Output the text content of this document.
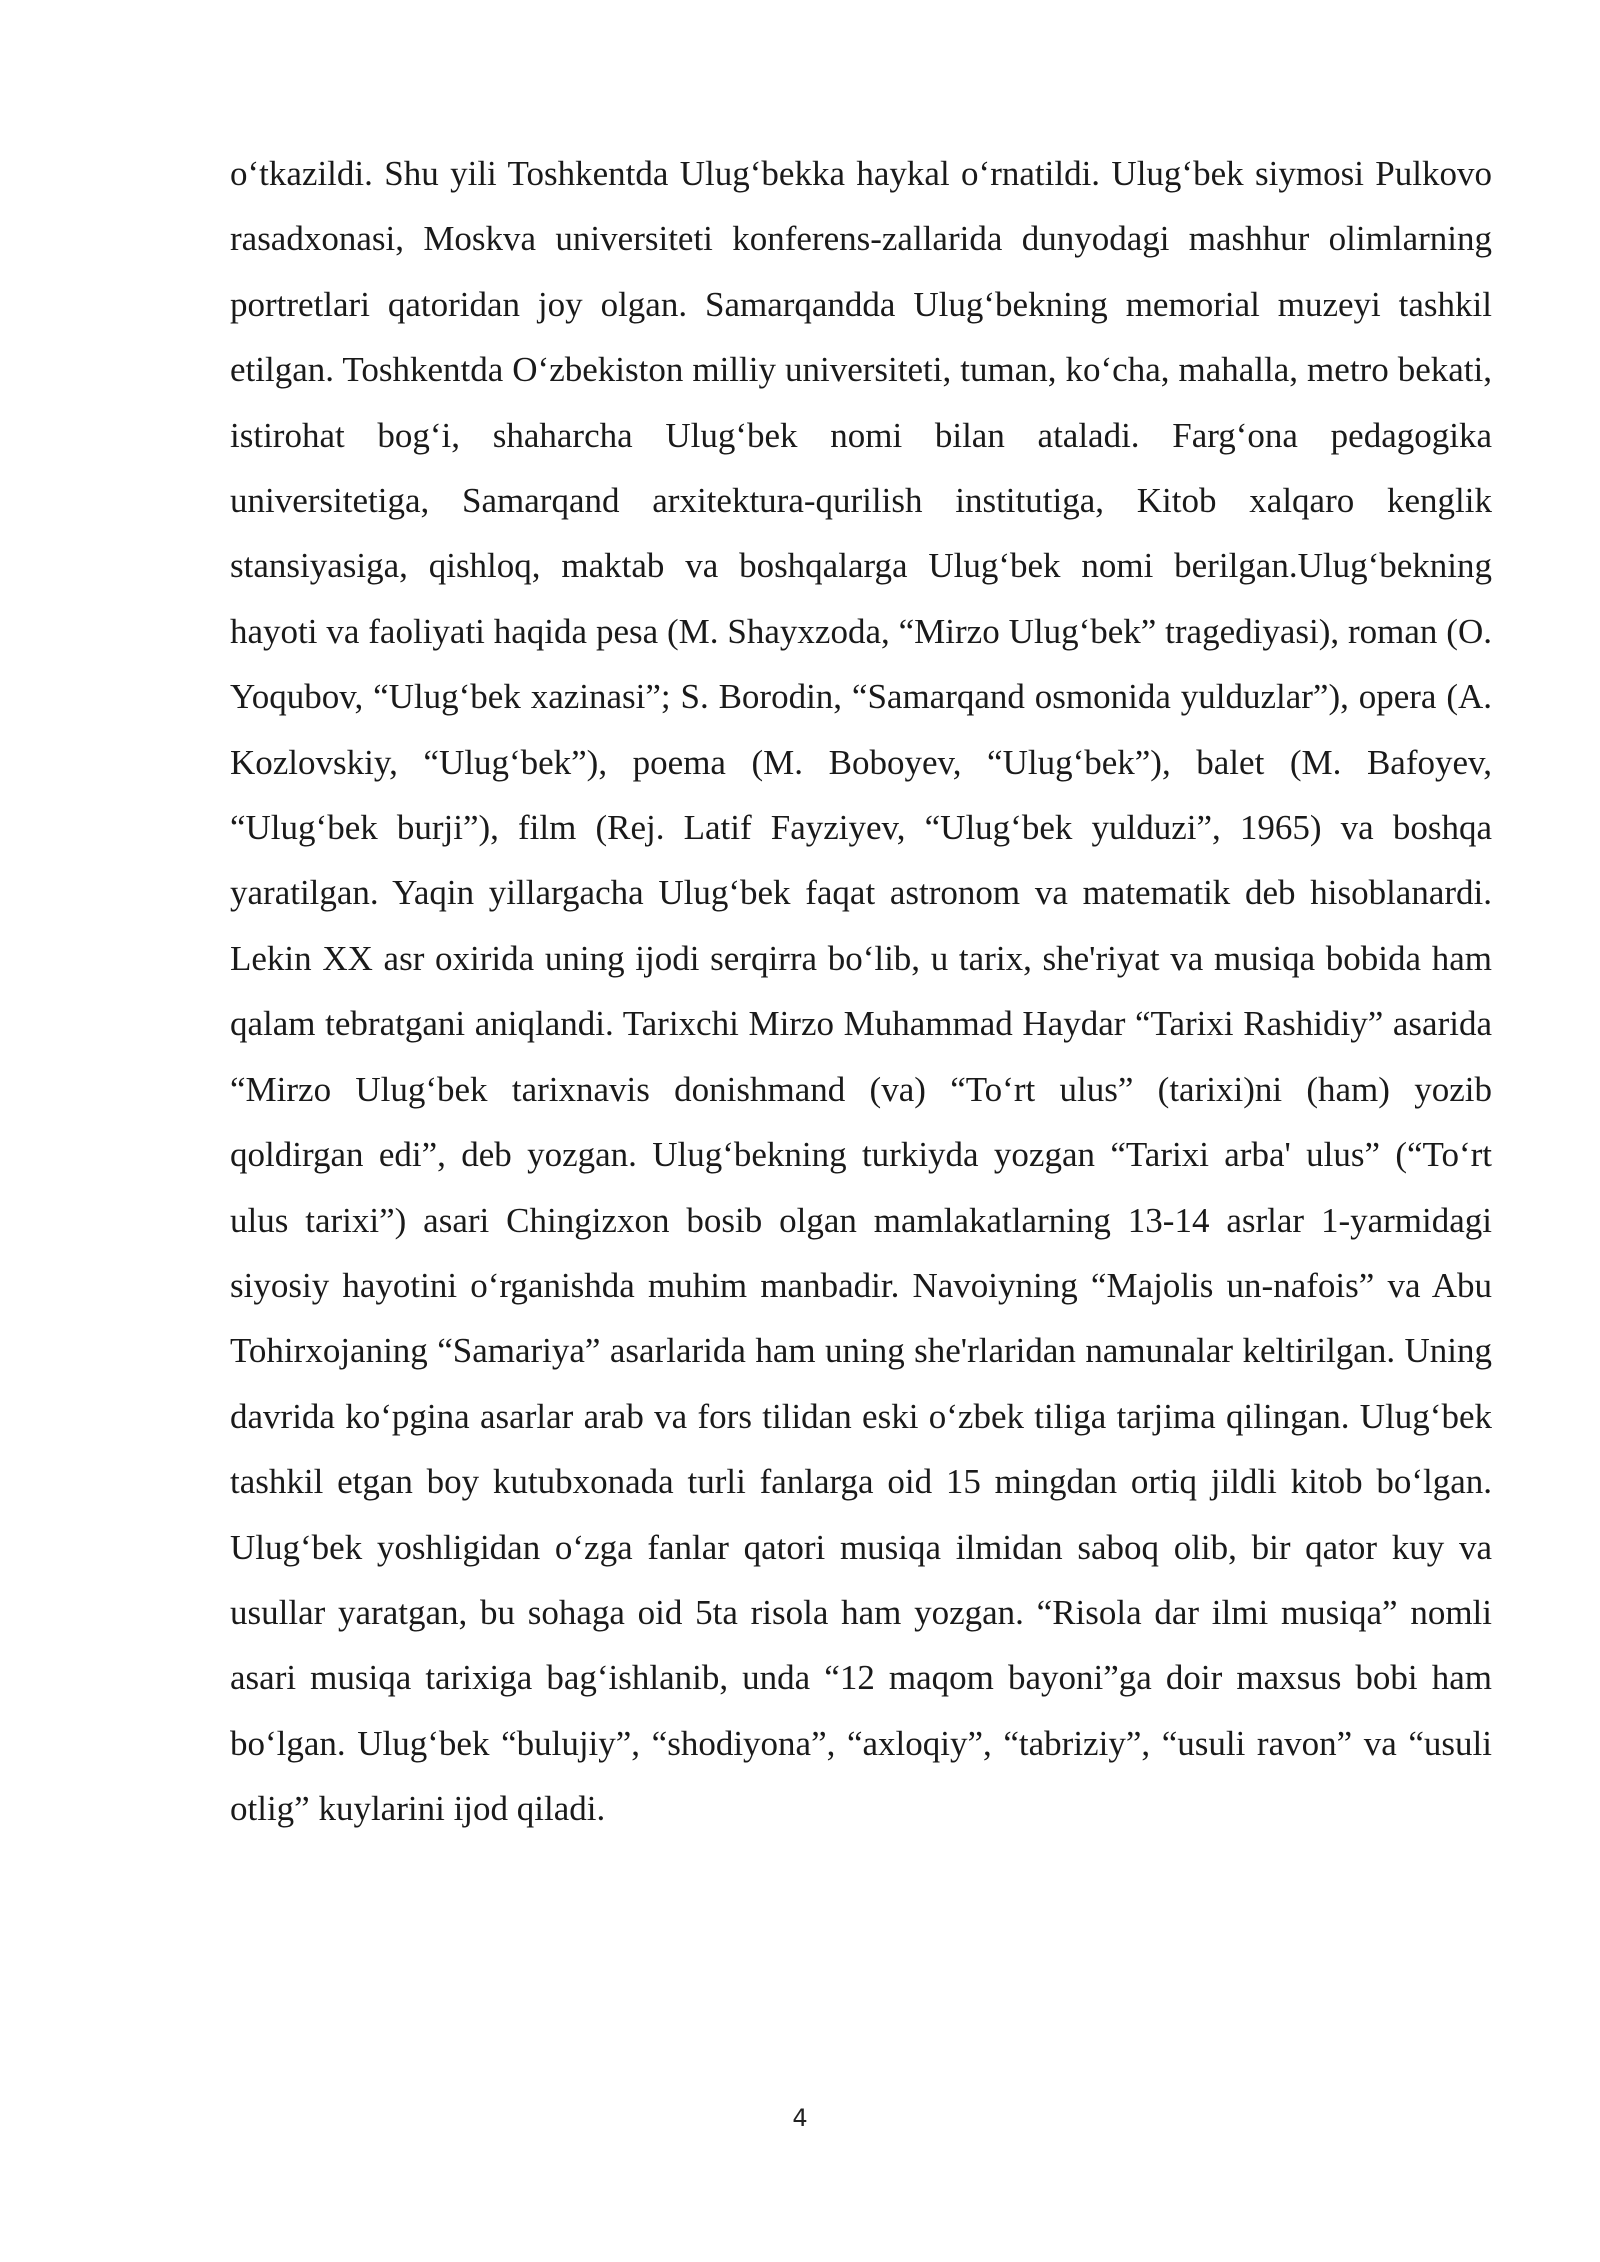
o‘tkazildi. Shu yili Toshkentda Ulug‘bekka haykal o‘rnatildi. Ulug‘bek siymosi Pulkovo rasadxonasi, Moskva universiteti konferens-zallarida dunyodagi mashhur olimlarning portretlari qatoridan joy olgan. Samarqandda Ulug‘bekning memorial muzeyi tashkil etilgan. Toshkentda O‘zbekiston milliy universiteti, tuman, ko‘cha, mahalla, metro bekati, istirohat bog‘i, shaharcha Ulug‘bek nomi bilan ataladi. Farg‘ona pedagogika universitetiga, Samarqand arxitektura-qurilish institutiga, Kitob xalqaro kenglik stansiyasiga, qishloq, maktab va boshqalarga Ulug‘bek nomi berilgan.Ulug‘bekning hayoti va faoliyati haqida pesa (M. Shayxzoda, “Mirzo Ulug‘bek” tragediyasi), roman (O. Yoqubov, “Ulug‘bek xazinasi”; S. Borodin, “Samarqand osmonida yulduzlar”), opera (A. Kozlovskiy, “Ulug‘bek”), poema (M. Boboyev, “Ulug‘bek”), balet (M. Bafoyev, “Ulug‘bek burji”), film (Rej. Latif Fayziyev, “Ulug‘bek yulduzi”, 1965) va boshqa yaratilgan. Yaqin yillargacha Ulug‘bek faqat astronom va matematik deb hisoblanardi. Lekin XX asr oxirida uning ijodi serqirra bo‘lib, u tarix, she'riyat va musiqa bobida ham qalam tebratgani aniqlandi. Tarixchi Mirzo Muhammad Haydar “Tarixi Rashidiy” asarida “Mirzo Ulug‘bek tarixnavis donishmand (va) “To‘rt ulus” (tarixi)ni (ham) yozib qoldirgan edi”, deb yozgan. Ulug‘bekning turkiyda yozgan “Tarixi arba' ulus” (“To‘rt ulus tarixi”) asari Chingizxon bosib olgan mamlakatlarning 13-14 asrlar 1-yarmidagi siyosiy hayotini o‘rganishda muhim manbadir. Navoiyning “Majolis un-nafois” va Abu Tohirxojaning “Samariya” asarlarida ham uning she'rlaridan namunalar keltirilgan. Uning davrida ko‘pgina asarlar arab va fors tilidan eski o‘zbek tiliga tarjima qilingan. Ulug‘bek tashkil etgan boy kutubxonada turli fanlarga oid 15 mingdan ortiq jildli kitob bo‘lgan. Ulug‘bek yoshligidan o‘zga fanlar qatori musiqa ilmidan saboq olib, bir qator kuy va usullar yaratgan, bu sohaga oid 5ta risola ham yozgan. “Risola dar ilmi musiqa” nomli asari musiqa tarixiga bag‘ishlanib, unda “12 maqom bayoni”ga doir maxsus bobi ham bo‘lgan. Ulug‘bek “bulujiy”, “shodiyona”, “axloqiy”, “tabriziy”, “usuli ravon” va “usuli otlig” kuylarini ijod qiladi.

4
